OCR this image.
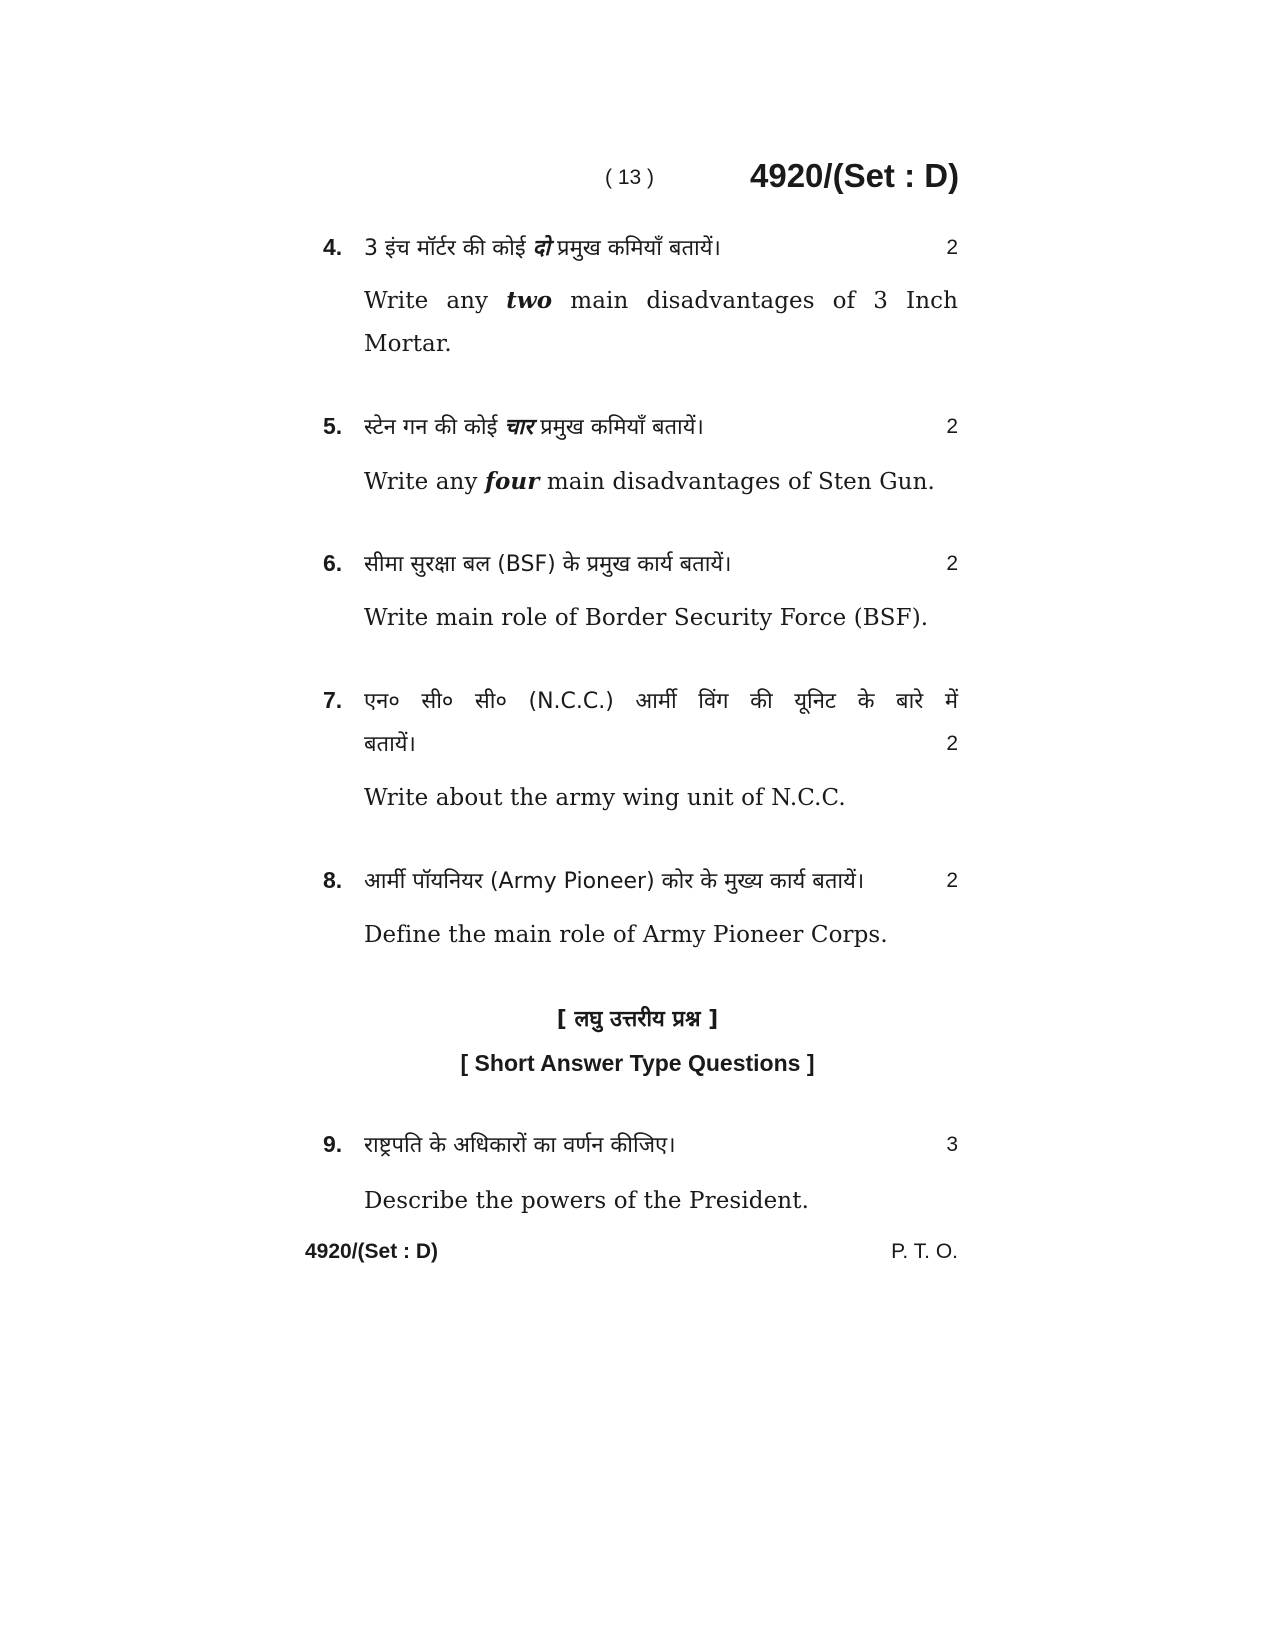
( 13 )	4920/(Set : D)
4. 3 इंच मॉर्टर की कोई दो प्रमुख कमियाँ बतायें।	2
Write any two main disadvantages of 3 Inch
Mortar.
5. स्टेन गन की कोई चार प्रमुख कमियाँ बतायें।	2
Write any four main disadvantages of Sten Gun.
6. सीमा सुरक्षा बल (BSF) के प्रमुख कार्य बतायें।	2
Write main role of Border Security Force (BSF).
7. एन० सी० सी० (N.C.C.) आर्मी विंग की यूनिट के बारे में
बतायें।	2
Write about the army wing unit of N.C.C.
8. आर्मी पॉयनियर (Army Pioneer) कोर के मुख्य कार्य बतायें।	2
Define the main role of Army Pioneer Corps.
[ लघु उत्तरीय प्रश्न ]
[ Short Answer Type Questions ]
9. राष्ट्रपति के अधिकारों का वर्णन कीजिए।	3
Describe the powers of the President.
4920/(Set : D)	P. T. O.
